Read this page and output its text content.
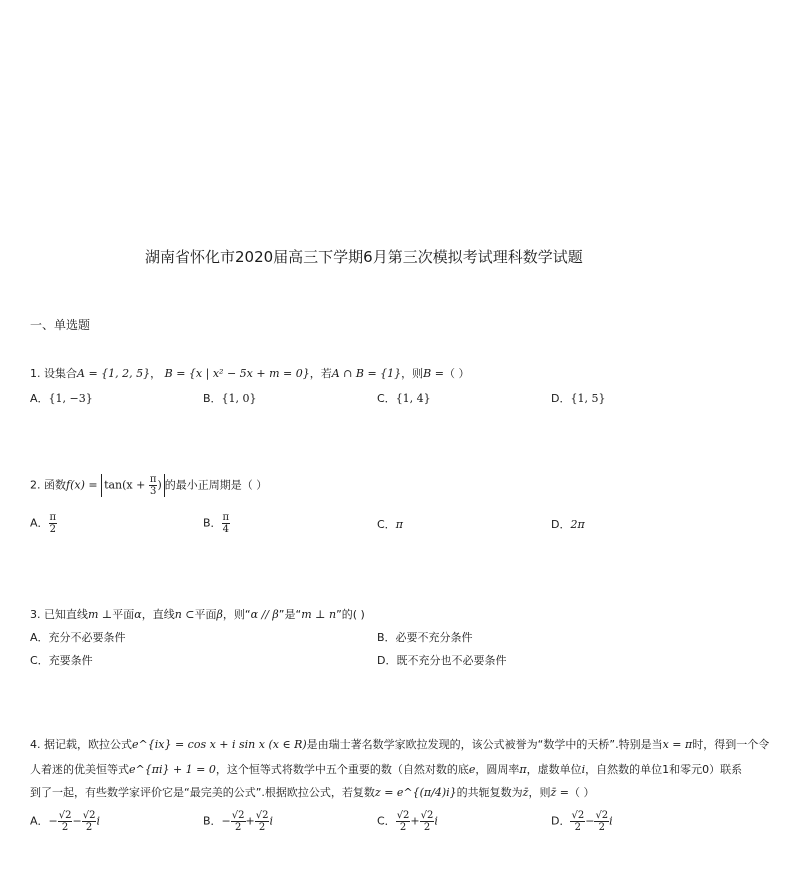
湖南省怀化市2020届高三下学期6月第三次模拟考试理科数学试题
一、单选题
1. 设集合A = {1, 2, 5}， B = {x | x² − 5x + m = 0}，若A ∩ B = {1}，则B =（ ）
A．{1, −3}	B．{1, 0}	C．{1, 4}	D．{1, 5}
2. 函数$f(x) = \tan(x + \frac{\pi}{3}$ ) 的最小正周期是（ ）
A． $\frac{\pi}{2}$	B． $\frac{\pi}{4}$	C．π	D．2π
3. 已知直线m ⊥平面α，直线n ⊂平面β，则“α // β”是“m ⊥ n”的( )
A．充分不必要条件	B．必要不充分条件
C．充要条件	D．既不充分也不必要条件
4. 据记载，欧拉公式e^{ix} = cos x + i sin x (x ∈ R)是由瑞士著名数学家欧拉发现的，该公式被誉为“数学中的天桥”.特别是当x = π时，得到一个令
人着迷的优美恒等式e^{πi} + 1 = 0，这个恒等式将数学中五个重要的数（自然对数的底e，圆周率π，虚数单位i，自然数的单位1和零元0）联系
到了一起，有些数学家评价它是“最完美的公式”.根据欧拉公式，若复数z = e^{(π/4)i}的共轭复数为z̄，则z̄ =（ ）
A．− $\frac{√2}{2} - \frac{√2}{2}$ i	B．− $\frac{√2}{2} + \frac{√2}{2}$ i	C． $\frac{√2}{2} + \frac{√2}{2}$ i	D． $\frac{√2}{2} - \frac{√2}{2}$ i
